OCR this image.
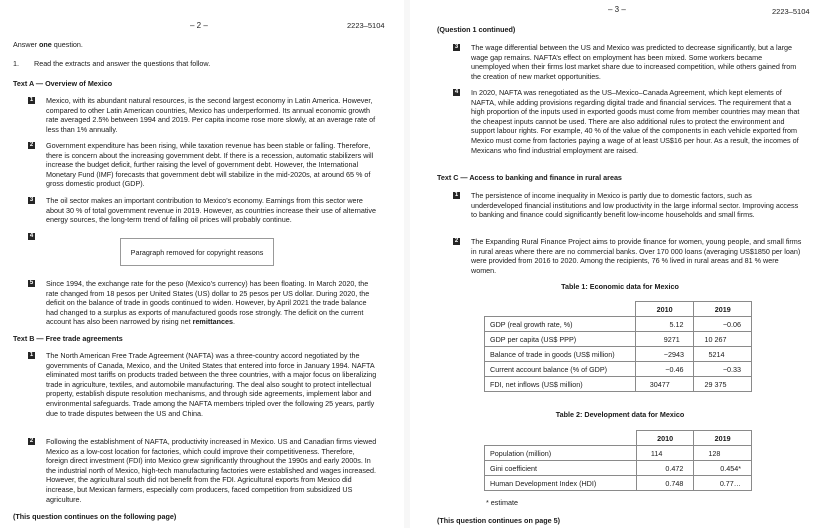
– 2 –	2223–5104
Answer one question.
1. Read the extracts and answer the questions that follow.
Text A — Overview of Mexico
1 Mexico, with its abundant natural resources, is the second largest economy in Latin America. However, compared to other Latin American countries, Mexico has underperformed. Its annual economic growth rate averaged 2.5% between 1994 and 2019. Per capita income rose more slowly, at an average rate of less than 1% annually.
2 Government expenditure has been rising, while taxation revenue has been stable or falling. Therefore, there is concern about the increasing government debt. If there is a recession, automatic stabilizers will increase the budget deficit, further raising the level of government debt. However, the International Monetary Fund (IMF) forecasts that government debt will stabilize in the mid-2020s, at around 65 % of gross domestic product (GDP).
3 The oil sector makes an important contribution to Mexico’s economy. Earnings from this sector were about 30 % of total government revenue in 2019. However, as countries increase their use of alternative energy sources, the long-term trend of falling oil prices will probably continue.
4
Paragraph removed for copyright reasons
5 Since 1994, the exchange rate for the peso (Mexico’s currency) has been floating. In March 2020, the rate changed from 18 pesos per United States (US) dollar to 25 pesos per US dollar. During 2020, the deficit on the balance of trade in goods continued to widen. However, by April 2021 the trade balance had changed to a surplus as exports of manufactured goods rose strongly. The deficit on the current account has also been narrowed by rising net remittances.
Text B — Free trade agreements
1 The North American Free Trade Agreement (NAFTA) was a three-country accord negotiated by the governments of Canada, Mexico, and the United States that entered into force in January 1994. NAFTA eliminated most tariffs on products traded between the three countries, with a major focus on liberalizing trade in agriculture, textiles, and automobile manufacturing. The deal also sought to protect intellectual property, establish dispute resolution mechanisms, and through side agreements, implement labor and environmental safeguards. Trade among the NAFTA members tripled over the following 25 years, partly due to trade disputes between the US and China.
2 Following the establishment of NAFTA, productivity increased in Mexico. US and Canadian firms viewed Mexico as a low-cost location for factories, which could improve their competitiveness. Therefore, foreign direct investment (FDI) into Mexico grew significantly throughout the 1990s and early 2000s. In the industrial north of Mexico, high-tech manufacturing factories were established and wages increased. However, the agricultural south did not benefit from the FDI. Agricultural exports from Mexico did increase, but Mexican farmers, especially corn producers, faced competition from subsidized US agriculture.
(This question continues on the following page)
– 3 –	2223–5104
(Question 1 continued)
3 The wage differential between the US and Mexico was predicted to decrease significantly, but a large wage gap remains. NAFTA’s effect on employment has been mixed. Some workers became unemployed when their firms lost market share due to increased competition, while others gained from the creation of new market opportunities.
4 In 2020, NAFTA was renegotiated as the US–Mexico–Canada Agreement, which kept elements of NAFTA, while adding provisions regarding digital trade and financial services. The requirement that a high proportion of the inputs used in exported goods must come from member countries may mean that the cheapest inputs cannot be used. There are also additional rules to protect the environment and support labour rights. For example, 40 % of the value of the components in each vehicle exported from Mexico must come from factories paying a wage of at least US$16 per hour. As a result, the incomes of Mexicans who find industrial employment are raised.
Text C — Access to banking and finance in rural areas
1 The persistence of income inequality in Mexico is partly due to domestic factors, such as underdeveloped financial institutions and low productivity in the large informal sector. Improving access to banking and finance could significantly benefit low-income households and small firms.
2 The Expanding Rural Finance Project aims to provide finance for women, young people, and small firms in rural areas where there are no commercial banks. Over 170 000 loans (averaging US$1850 per loan) were provided from 2016 to 2020. Among the recipients, 76 % lived in rural areas and 81 % were women.
Table 1: Economic data for Mexico
	2010	2019
GDP (real growth rate, %)	5.12	−0.06
GDP per capita (US$ PPP)	9271	10 267
Balance of trade in goods (US$ million)	−2943	5214
Current account balance (% of GDP)	−0.46	−0.33
FDI, net inflows (US$ million)	30477	29 375
Table 2: Development data for Mexico
	2010	2019
Population (million)	114	128
Gini coefficient	0.472	0.454*
Human Development Index (HDI)	0.748	0.77…
* estimate
(This question continues on page 5)
